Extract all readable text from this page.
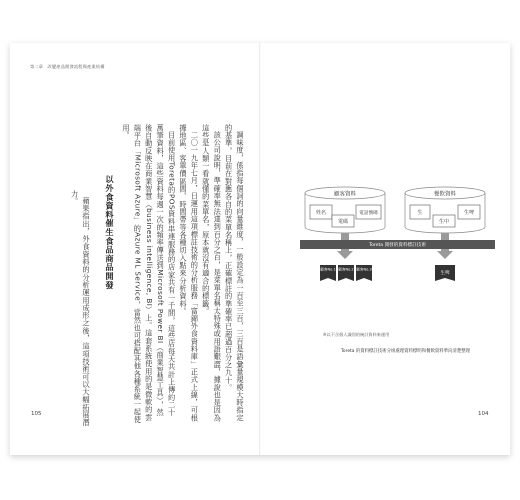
第二章　改變產品開發流程與產業結構

調味度，係指每個詞的向量維度，一般設定為一百至三百，三百是語彙量規模大時指定的基準，目前在對應各自的菜單名稱上，正確標註的準確率已超過百分之九十。

該公司說明，準確率無法達到百分之百，是菜單名稱太特殊或用語艱澀，據說也是因為這些是人類一看就懂的菜單名，原本就沒有適合的標籤。

二〇一九年七月，日運用這項標註技術的分析服務「富錦外食資料庫」正式上線，可根據地區、客單價區間、時間帶等各種切入點來分析資料。

目前使用Toreta的POS資料串連服務的店家共有一千間，這些店每天共計上傳約二十萬筆資料，這些資料每週一次的頻率傳送到Microsoft Power BI（商業智慧工具），然後自動反映在商業智慧（business intelligence, BI）上。這套系統使用的是微軟的雲端平台「Microsoft Azure」的Azure ML Service，當然也可搭配其他各種系統一起使用。

以外食資料催生食品商品開發

蘋果指出，外食資料的分析運用成形之後，這項技術可以大幅拓展潛力。

105	104
顧客資料
姓名	電話號碼
電碼
餐飲資料
生	生啤
生中
Toreta 開發的資料標註技術
顧客No.1 顧客No.2 顧客No.3
生啤
※以不含個人識別的統計資料來運用
Toreta 的資料標註技術分組處理資料標明和餐飲資料準向清楚整理
